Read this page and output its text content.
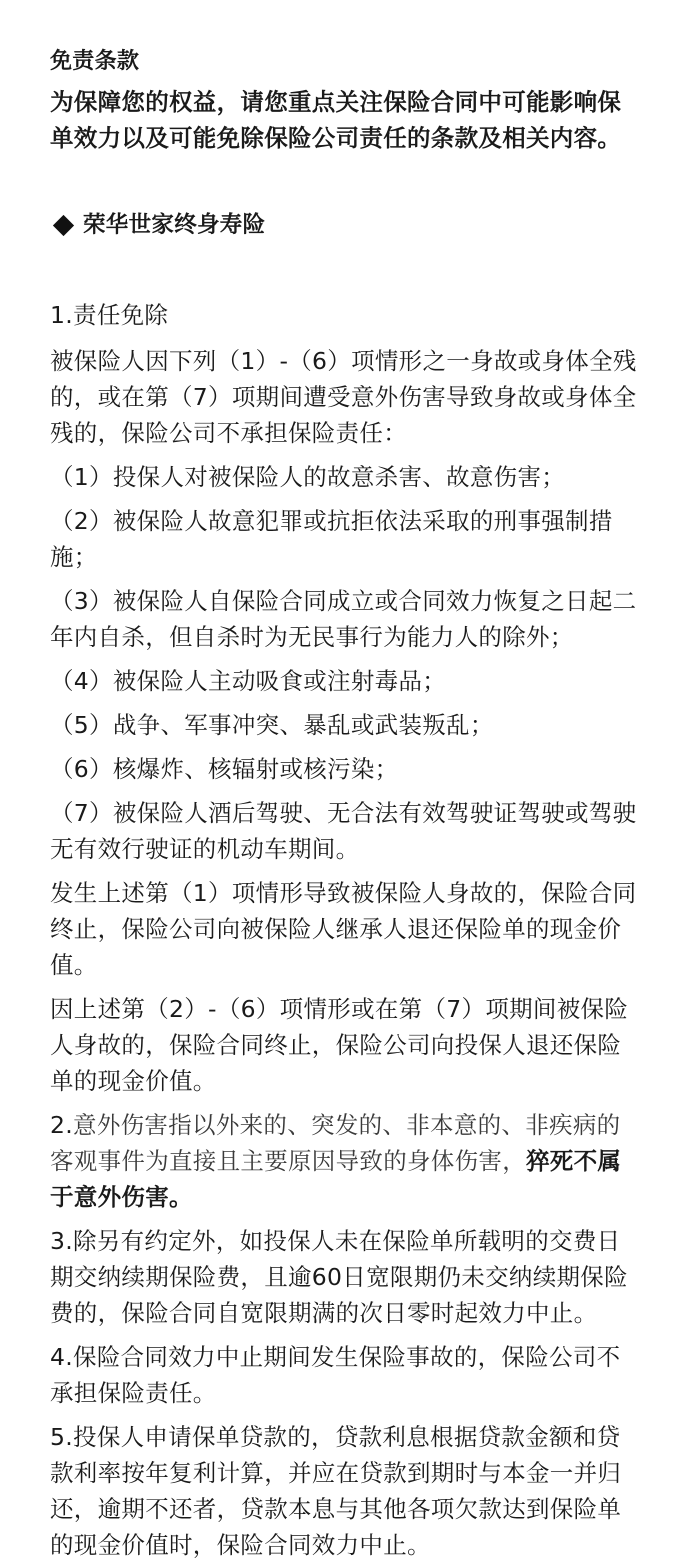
免责条款

为保障您的权益，请您重点关注保险合同中可能影响保单效力以及可能免除保险公司责任的条款及相关内容。

荣华世家终身寿险

1.责任免除

被保险人因下列（1）-（6）项情形之一身故或身体全残的，或在第（7）项期间遭受意外伤害导致身故或身体全残的，保险公司不承担保险责任：

（1）投保人对被保险人的故意杀害、故意伤害；

（2）被保险人故意犯罪或抗拒依法采取的刑事强制措施；

（3）被保险人自保险合同成立或合同效力恢复之日起二年内自杀，但自杀时为无民事行为能力人的除外；

（4）被保险人主动吸食或注射毒品；

（5）战争、军事冲突、暴乱或武装叛乱；

（6）核爆炸、核辐射或核污染；

（7）被保险人酒后驾驶、无合法有效驾驶证驾驶或驾驶无有效行驶证的机动车期间。

发生上述第（1）项情形导致被保险人身故的，保险合同终止，保险公司向被保险人继承人退还保险单的现金价值。

因上述第（2）-（6）项情形或在第（7）项期间被保险人身故的，保险合同终止，保险公司向投保人退还保险单的现金价值。

2.意外伤害指以外来的、突发的、非本意的、非疾病的客观事件为直接且主要原因导致的身体伤害，猝死不属于意外伤害。

3.除另有约定外，如投保人未在保险单所载明的交费日期交纳续期保险费，且逾60日宽限期仍未交纳续期保险费的，保险合同自宽限期满的次日零时起效力中止。

4.保险合同效力中止期间发生保险事故的，保险公司不承担保险责任。

5.投保人申请保单贷款的，贷款利息根据贷款金额和贷款利率按年复利计算，并应在贷款到期时与本金一并归还，逾期不还者，贷款本息与其他各项欠款达到保险单的现金价值时，保险合同效力中止。
